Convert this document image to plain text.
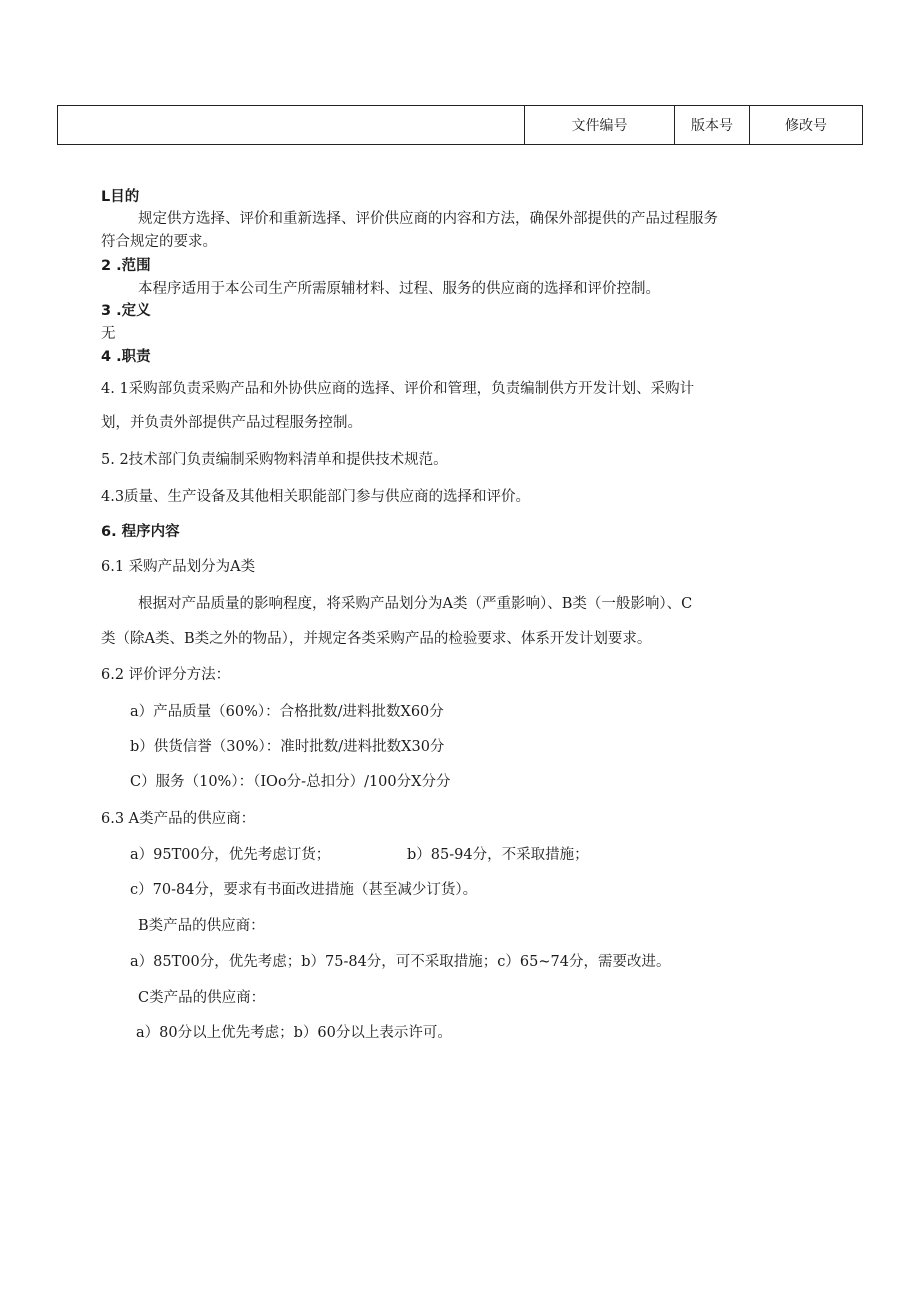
	文件编号	版本号	修改号
L目的
规定供方选择、评价和重新选择、评价供应商的内容和方法，确保外部提供的产品过程服务
符合规定的要求。
2 .范围
本程序适用于本公司生产所需原辅材料、过程、服务的供应商的选择和评价控制。
3 .定义
无
4 .职责
4. 1采购部负责采购产品和外协供应商的选择、评价和管理，负责编制供方开发计划、采购计
划，并负责外部提供产品过程服务控制。
5. 2技术部门负责编制采购物料清单和提供技术规范。
4.3质量、生产设备及其他相关职能部门参与供应商的选择和评价。
6. 程序内容
6.1 采购产品划分为A类
根据对产品质量的影响程度，将采购产品划分为A类（严重影响）、B类（一般影响）、C
类（除A类、B类之外的物品），并规定各类采购产品的检验要求、体系开发计划要求。
6.2 评价评分方法：
a）产品质量（60%）：合格批数/进料批数X60分
b）供货信誉（30%）：准时批数/进料批数X30分
C）服务（10%）：（IOo分-总扣分）/100分X分分
6.3 A类产品的供应商：
a）95T00分，优先考虑订货；	b）85-94分，不采取措施；
c）70-84分，要求有书面改进措施（甚至减少订货）。
B类产品的供应商：
a）85T00分，优先考虑；b）75-84分，可不采取措施；c）65~74分，需要改进。
C类产品的供应商：
a）80分以上优先考虑；b）60分以上表示许可。
